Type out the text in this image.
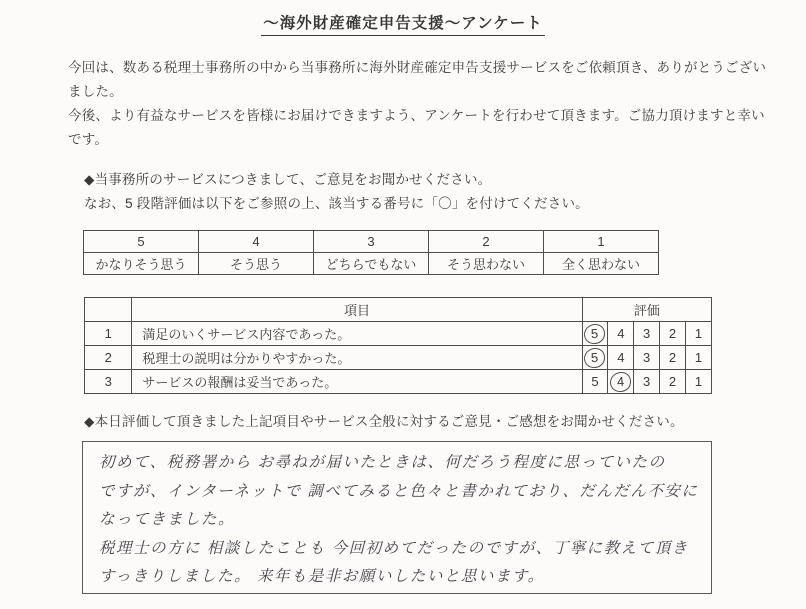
～海外財産確定申告支援～アンケート
今回は、数ある税理士事務所の中から当事務所に海外財産確定申告支援サービスをご依頼頂き、ありがとうございました。
今後、より有益なサービスを皆様にお届けできますよう、アンケートを行わせて頂きます。ご協力頂けますと幸いです。
◆当事務所のサービスにつきまして、ご意見をお聞かせください。
なお、5 段階評価は以下をご参照の上、該当する番号に「〇」を付けてください。
5	4	3	2	1
かなりそう思う	そう思う	どちらでもない	そう思わない	全く思わない
	項目	評価				
1	満足のいくサービス内容であった。	5	4	3	2	1
2	税理士の説明は分かりやすかった。	5	4	3	2	1
3	サービスの報酬は妥当であった。	5	4	3	2	1
◆本日評価して頂きました上記項目やサービス全般に対するご意見・ご感想をお聞かせください。
初めて、税務署から お尋ねが届いたときは、何だろう程度に思っていたの
ですが、インターネットで 調べてみると色々と書かれており、だんだん不安に
なってきました。
税理士の方に 相談したことも 今回初めてだったのですが、丁寧に教えて頂き
すっきりしました。 来年も是非お願いしたいと思います。
